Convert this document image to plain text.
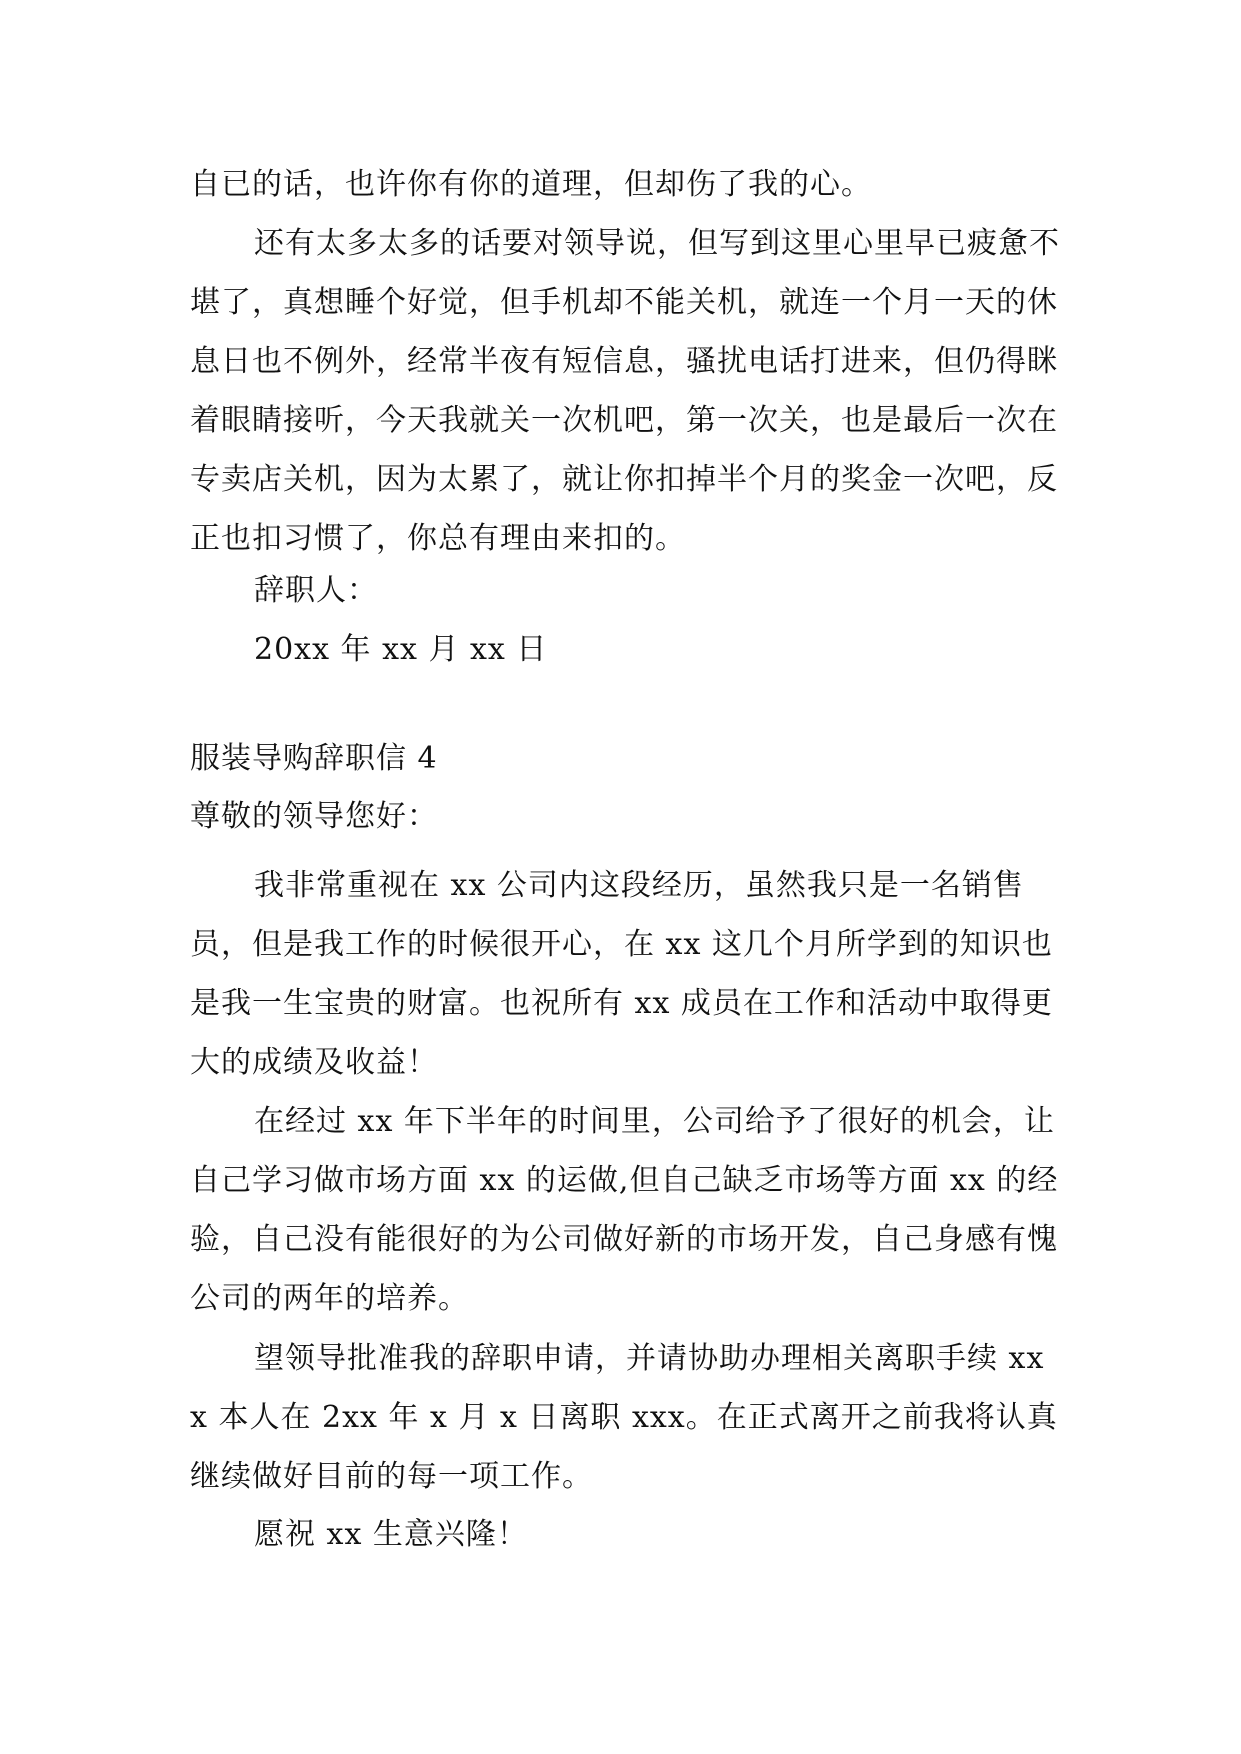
自已的话，也许你有你的道理，但却伤了我的心。
还有太多太多的话要对领导说，但写到这里心里早已疲惫不堪了，真想睡个好觉，但手机却不能关机，就连一个月一天的休息日也不例外，经常半夜有短信息，骚扰电话打进来，但仍得眯着眼睛接听，今天我就关一次机吧，第一次关，也是最后一次在专卖店关机，因为太累了，就让你扣掉半个月的奖金一次吧，反正也扣习惯了，你总有理由来扣的。
辞职人：
20xx 年 xx 月 xx 日
服装导购辞职信 4
尊敬的领导您好：
我非常重视在 xx 公司内这段经历，虽然我只是一名销售员，但是我工作的时候很开心，在 xx 这几个月所学到的知识也是我一生宝贵的财富。也祝所有 xx 成员在工作和活动中取得更大的成绩及收益！
在经过 xx 年下半年的时间里，公司给予了很好的机会，让自己学习做市场方面 xx 的运做,但自己缺乏市场等方面 xx 的经验，自己没有能很好的为公司做好新的市场开发，自己身感有愧公司的两年的培养。
望领导批准我的辞职申请，并请协助办理相关离职手续 xxx 本人在 2xx 年 x 月 x 日离职 xxx。在正式离开之前我将认真继续做好目前的每一项工作。
愿祝 xx 生意兴隆！
